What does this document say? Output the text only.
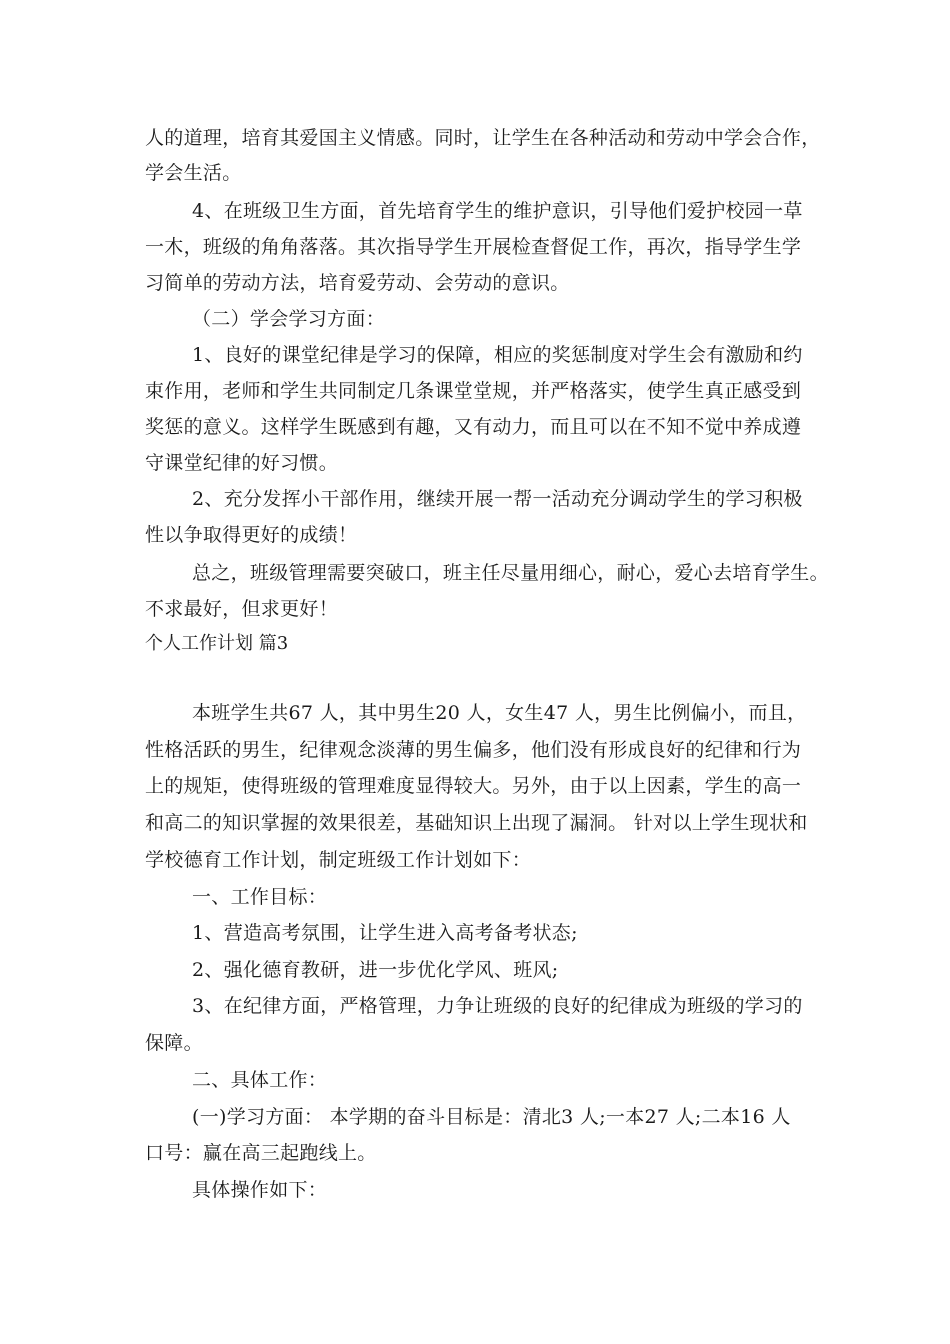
人的道理，培育其爱国主义情感。同时，让学生在各种活动和劳动中学会合作，
学会生活。
4、在班级卫生方面，首先培育学生的维护意识，引导他们爱护校园一草
一木，班级的角角落落。其次指导学生开展检查督促工作，再次，指导学生学
习简单的劳动方法，培育爱劳动、会劳动的意识。
（二）学会学习方面：
1、良好的课堂纪律是学习的保障，相应的奖惩制度对学生会有激励和约
束作用，老师和学生共同制定几条课堂堂规，并严格落实，使学生真正感受到
奖惩的意义。这样学生既感到有趣，又有动力，而且可以在不知不觉中养成遵
守课堂纪律的好习惯。
2、充分发挥小干部作用，继续开展一帮一活动充分调动学生的学习积极
性以争取得更好的成绩！
总之，班级管理需要突破口，班主任尽量用细心，耐心，爱心去培育学生。
不求最好，但求更好！
个人工作计划 篇3
本班学生共67 人，其中男生20 人，女生47 人，男生比例偏小，而且，
性格活跃的男生，纪律观念淡薄的男生偏多，他们没有形成良好的纪律和行为
上的规矩，使得班级的管理难度显得较大。另外，由于以上因素，学生的高一
和高二的知识掌握的效果很差，基础知识上出现了漏洞。 针对以上学生现状和
学校德育工作计划，制定班级工作计划如下：
一、工作目标：
1、营造高考氛围，让学生进入高考备考状态;
2、强化德育教研，进一步优化学风、班风;
3、在纪律方面，严格管理，力争让班级的良好的纪律成为班级的学习的
保障。
二、具体工作：
(一)学习方面： 本学期的奋斗目标是：清北3 人;一本27 人;二本16 人
口号：赢在高三起跑线上。
具体操作如下：
